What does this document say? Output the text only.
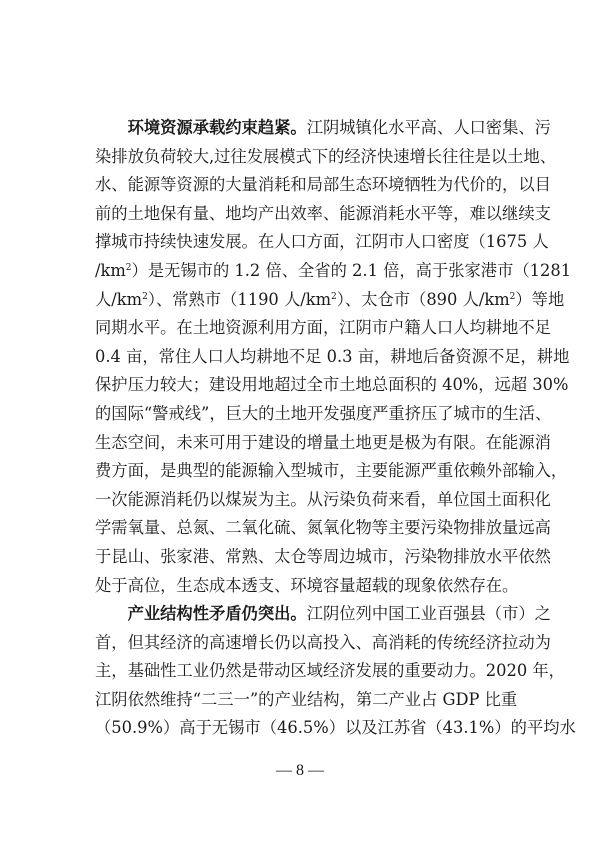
　　环境资源承载约束趋紧。江阴城镇化水平高、人口密集、污
染排放负荷较大,过往发展模式下的经济快速增长往往是以土地、
水、能源等资源的大量消耗和局部生态环境牺牲为代价的，以目
前的土地保有量、地均产出效率、能源消耗水平等，难以继续支
撑城市持续快速发展。在人口方面，江阴市人口密度（1675 人
$/km^2$）是无锡市的 1.2 倍、全省的 2.1 倍，高于张家港市（1281
人$/km^2$）、常熟市（1190 人$/km^2$）、太仓市（890 人$/km^2$）等地
同期水平。在土地资源利用方面，江阴市户籍人口人均耕地不足
0.4 亩，常住人口人均耕地不足 0.3 亩，耕地后备资源不足，耕地
保护压力较大；建设用地超过全市土地总面积的 40%，远超 30%
的国际“警戒线”，巨大的土地开发强度严重挤压了城市的生活、
生态空间，未来可用于建设的增量土地更是极为有限。在能源消
费方面，是典型的能源输入型城市，主要能源严重依赖外部输入，
一次能源消耗仍以煤炭为主。从污染负荷来看，单位国土面积化
学需氧量、总氮、二氧化硫、氮氧化物等主要污染物排放量远高
于昆山、张家港、常熟、太仓等周边城市，污染物排放水平依然
处于高位，生态成本透支、环境容量超载的现象依然存在。
　　产业结构性矛盾仍突出。江阴位列中国工业百强县（市）之
首，但其经济的高速增长仍以高投入、高消耗的传统经济拉动为
主，基础性工业仍然是带动区域经济发展的重要动力。2020 年，
江阴依然维持“二三一”的产业结构，第二产业占 GDP 比重
（50.9%）高于无锡市（46.5%）以及江苏省（43.1%）的平均水
— 8 —
